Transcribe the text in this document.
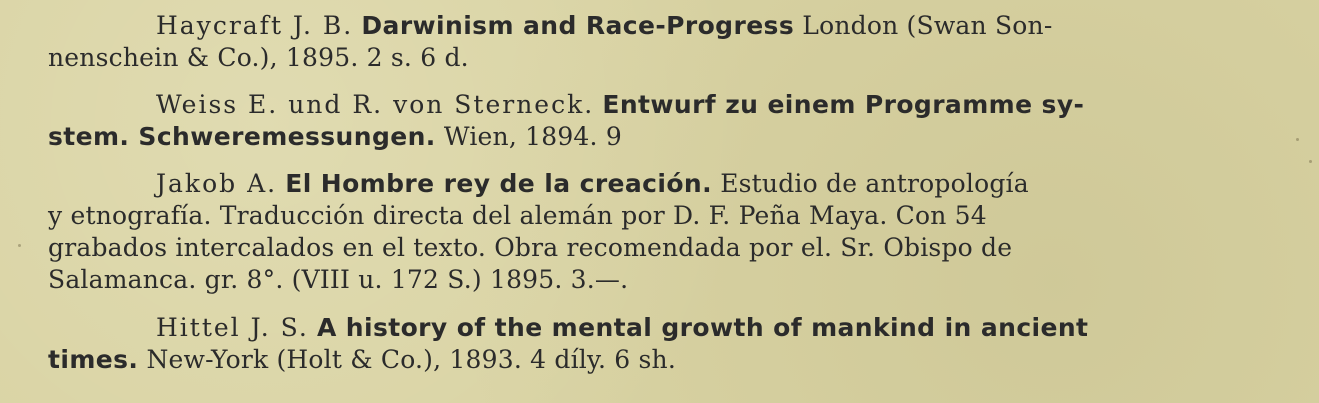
Haycraft J. B. Darwinism and Race-Progress London (Swan Son-
nenschein & Co.), 1895. 2 s. 6 d.
Weiss E. und R. von Sterneck. Entwurf zu einem Programme sy-
stem. Schweremessungen. Wien, 1894. 9
Jakob A. El Hombre rey de la creación. Estudio de antropología
y etnografía. Traducción directa del alemán por D. F. Peña Maya. Con 54
grabados intercalados en el texto. Obra recomendada por el. Sr. Obispo de
Salamanca. gr. 8°. (VIII u. 172 S.) 1895. 3.—.
Hittel J. S. A history of the mental growth of mankind in ancient
times. New-York (Holt & Co.), 1893. 4 díly. 6 sh.
